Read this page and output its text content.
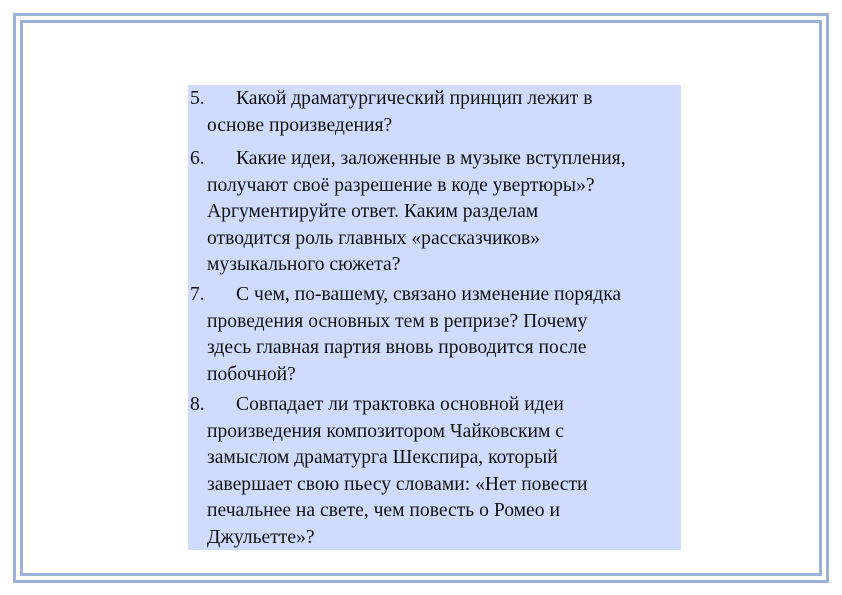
5.	Какой драматургический принцип лежит в
основе произведения?
6.	Какие идеи, заложенные в музыке вступления,
получают своё разрешение в коде увертюры»?
Аргументируйте ответ. Каким разделам
отводится роль главных «рассказчиков»
музыкального сюжета?
7.	С чем, по-вашему, связано изменение порядка
проведения основных тем в репризе? Почему
здесь главная партия вновь проводится после
побочной?
8.	Совпадает ли трактовка основной идеи
произведения композитором Чайковским с
замыслом драматурга Шекспира, который
завершает свою пьесу словами: «Нет повести
печальнее на свете, чем повесть о Ромео и
Джульетте»?
